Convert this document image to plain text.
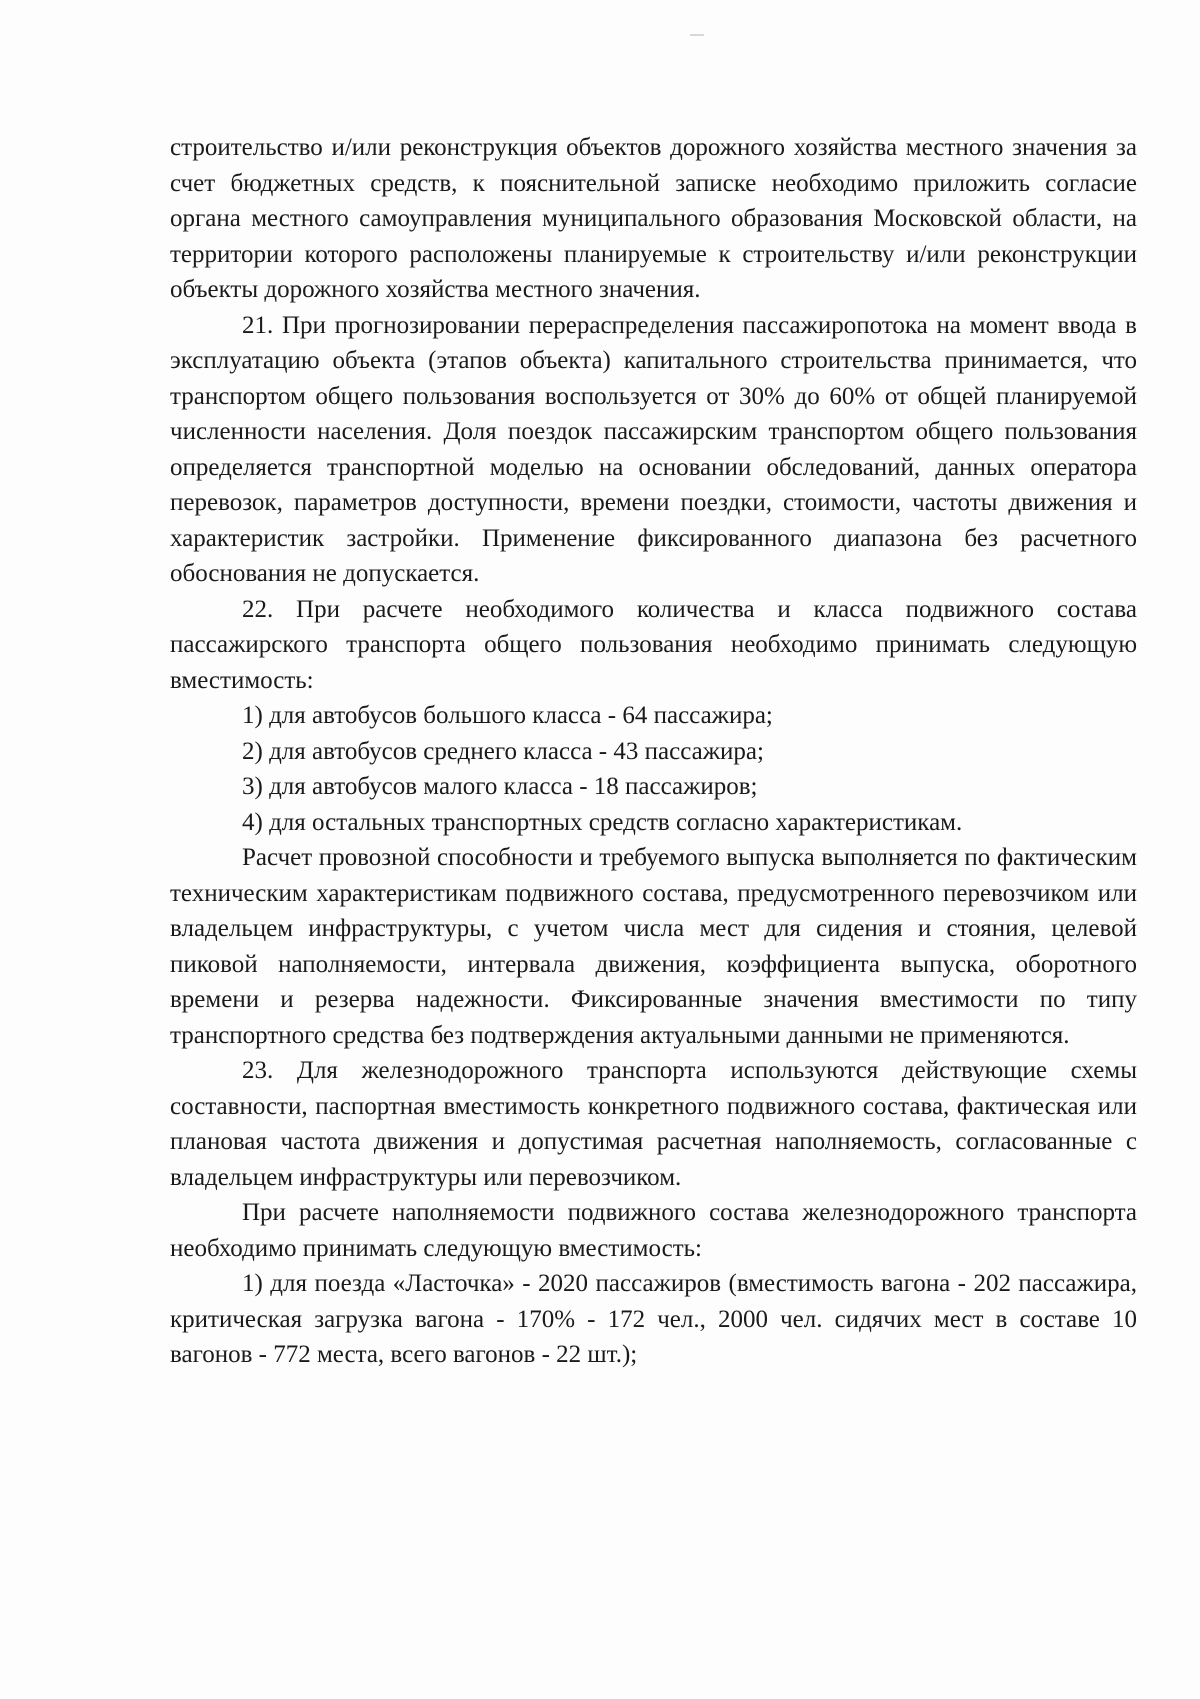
строительство и/или реконструкция объектов дорожного хозяйства местного значения за счет бюджетных средств, к пояснительной записке необходимо приложить согласие органа местного самоуправления муниципального образования Московской области, на территории которого расположены планируемые к строительству и/или реконструкции объекты дорожного хозяйства местного значения.

21. При прогнозировании перераспределения пассажиропотока на момент ввода в эксплуатацию объекта (этапов объекта) капитального строительства принимается, что транспортом общего пользования воспользуется от 30% до 60% от общей планируемой численности населения. Доля поездок пассажирским транспортом общего пользования определяется транспортной моделью на основании обследований, данных оператора перевозок, параметров доступности, времени поездки, стоимости, частоты движения и характеристик застройки. Применение фиксированного диапазона без расчетного обоснования не допускается.

22. При расчете необходимого количества и класса подвижного состава пассажирского транспорта общего пользования необходимо принимать следующую вместимость:

1) для автобусов большого класса - 64 пассажира;

2) для автобусов среднего класса - 43 пассажира;

3) для автобусов малого класса - 18 пассажиров;

4) для остальных транспортных средств согласно характеристикам.

Расчет провозной способности и требуемого выпуска выполняется по фактическим техническим характеристикам подвижного состава, предусмотренного перевозчиком или владельцем инфраструктуры, с учетом числа мест для сидения и стояния, целевой пиковой наполняемости, интервала движения, коэффициента выпуска, оборотного времени и резерва надежности. Фиксированные значения вместимости по типу транспортного средства без подтверждения актуальными данными не применяются.

23. Для железнодорожного транспорта используются действующие схемы составности, паспортная вместимость конкретного подвижного состава, фактическая или плановая частота движения и допустимая расчетная наполняемость, согласованные с владельцем инфраструктуры или перевозчиком.

При расчете наполняемости подвижного состава железнодорожного транспорта необходимо принимать следующую вместимость:

1) для поезда «Ласточка» - 2020 пассажиров (вместимость вагона - 202 пассажира, критическая загрузка вагона - 170% - 172 чел., 2000 чел. сидячих мест в составе 10 вагонов - 772 места, всего вагонов - 22 шт.);
